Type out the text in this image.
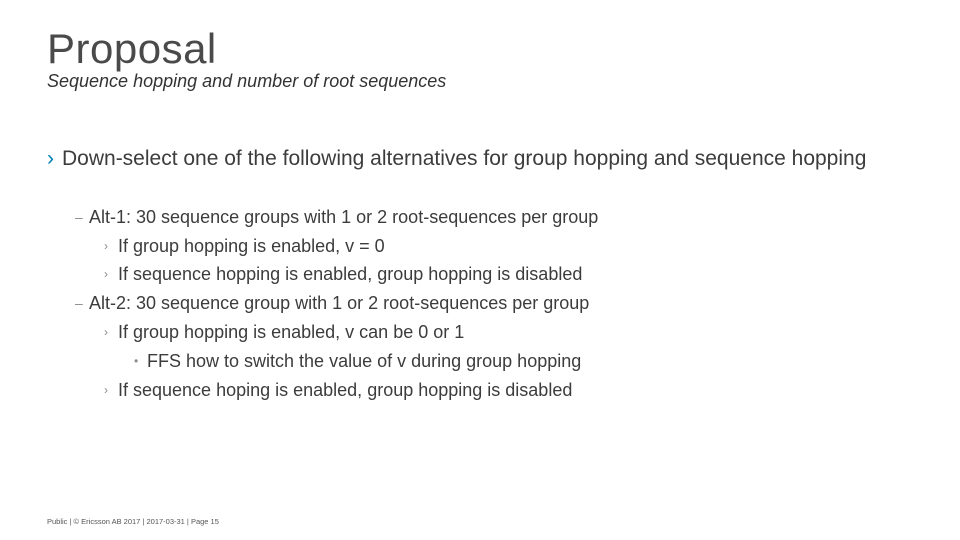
Proposal
Sequence hopping and number of root sequences
› Down-select one of the following alternatives for group hopping and sequence hopping
– Alt-1: 30 sequence groups with 1 or 2 root-sequences per group
› If group hopping is enabled, v = 0
› If sequence hopping is enabled, group hopping is disabled
– Alt-2: 30 sequence group with 1 or 2 root-sequences per group
› If group hopping is enabled, v can be 0 or 1
• FFS how to switch the value of v during group hopping
› If sequence hoping is enabled, group hopping is disabled
Public | © Ericsson AB 2017 | 2017-03-31 | Page 15
